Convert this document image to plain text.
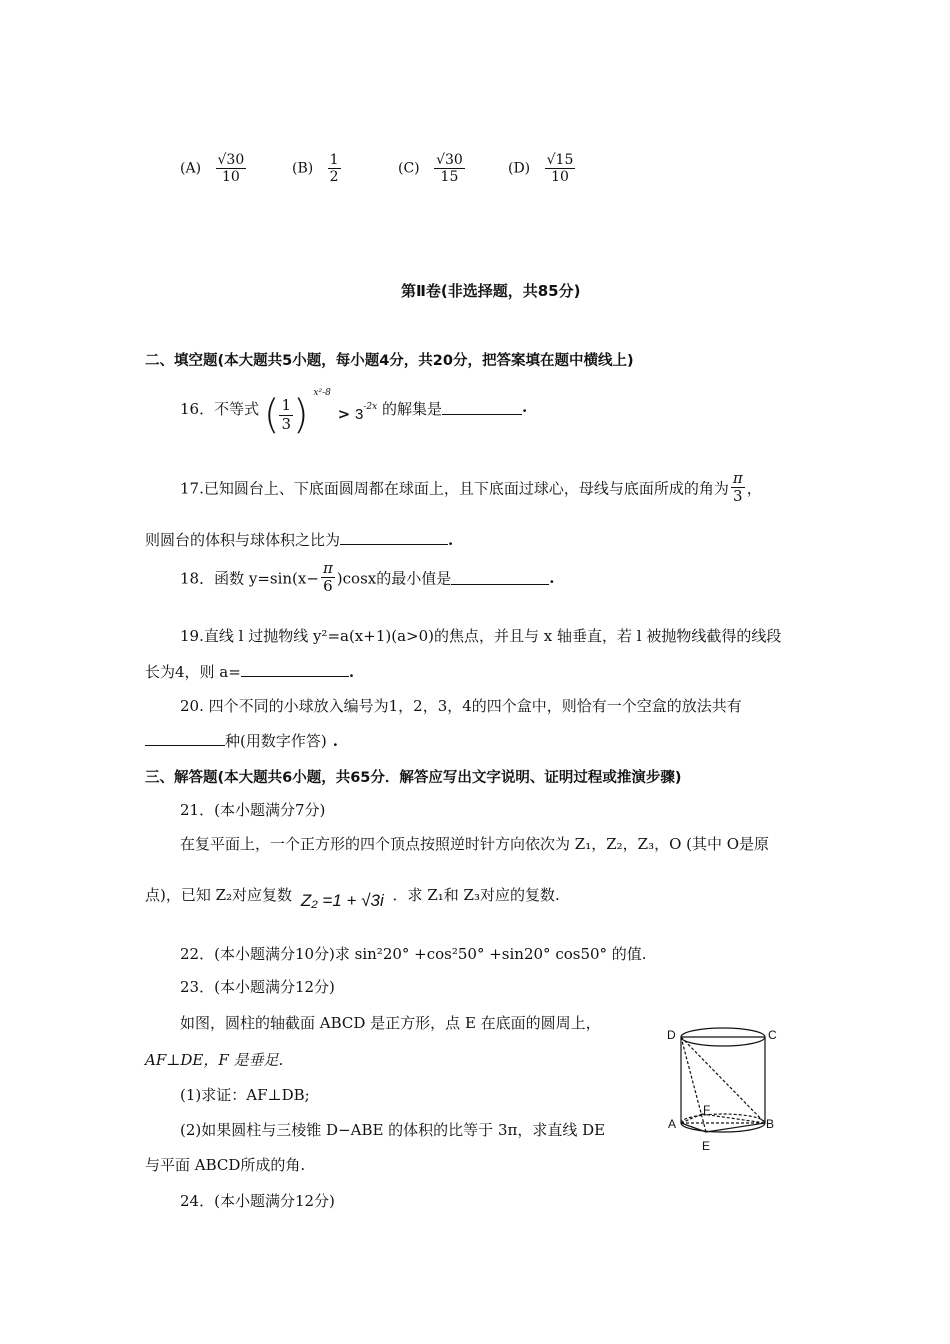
$(A) \frac{√30}{10}$	$(B) \frac{1}{2}$	$(C) \frac{√30}{15}$	$(D) \frac{√15}{10}$
第Ⅱ卷(非选择题，共85分)
二、填空题(本大题共5小题，每小题4分，共20分，把答案填在题中横线上)
16．不等式 ( $\frac{1}{3}$ ) $^{x^2-8} > 3^{-2x}$ 的解集是	.
17.已知圆台上、下底面圆周都在球面上，且下底面过球心，母线与底面所成的角为 $\frac{\pi}{3}$ ，
则圆台的体积与球体积之比为	.
18．函数 $y=\sin(x- \frac{\pi}{6} )\cos x$的最小值是	.
19.直线 l 过抛物线 y²=a(x+1)(a>0)的焦点，并且与 x 轴垂直，若 l 被抛物线截得的线段
长为4，则 a=	.
20. 四个不同的小球放入编号为1，2，3，4的四个盒中，则恰有一个空盒的放法共有
种(用数字作答) .
三、解答题(本大题共6小题，共65分．解答应写出文字说明、证明过程或推演步骤)
21．(本小题满分7分)
在复平面上，一个正方形的四个顶点按照逆时针方向依次为 Z₁，Z₂，Z₃，O (其中 O是原
点)，已知 Z₂对应复数 Z₂ =1 + √3i ．求 Z₁和 Z₃对应的复数.
22．(本小题满分10分)求 sin²20° +cos²50° +sin20° cos50° 的值.
23．(本小题满分12分)
如图，圆柱的轴截面 ABCD 是正方形，点 E 在底面的圆周上，
AF⊥DE，F 是垂足.
(1)求证：AF⊥DB;
(2)如果圆柱与三棱锥 D−ABE 的体积的比等于 3π，求直线 DE
与平面 ABCD所成的角.
D	C
F
A	B
E
24．(本小题满分12分)
